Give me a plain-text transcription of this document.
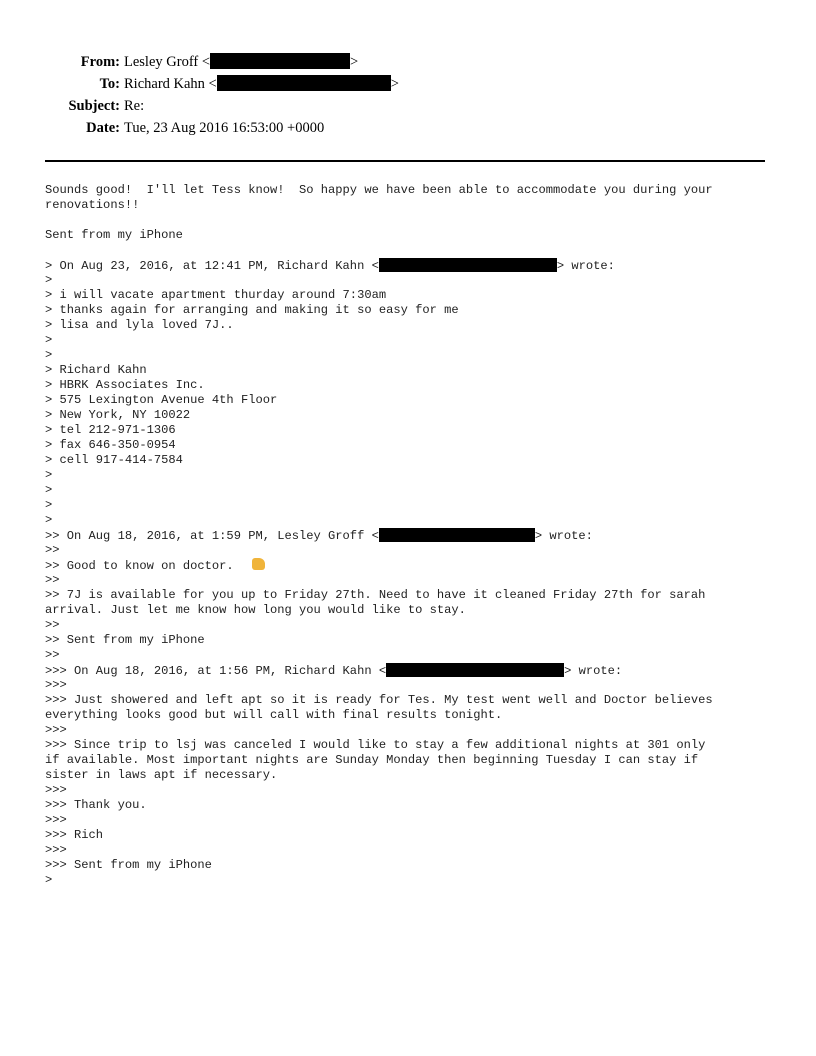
From: Lesley Groff <	>
To: Richard Kahn <	>
Subject: Re:
Date: Tue, 23 Aug 2016 16:53:00 +0000
Sounds good!  I'll let Tess know!  So happy we have been able to accommodate you during your
renovations!!
Sent from my iPhone
> On Aug 23, 2016, at 12:41 PM, Richard Kahn <	> wrote:
>
> i will vacate apartment thurday around 7:30am
> thanks again for arranging and making it so easy for me
> lisa and lyla loved 7J..
>
>
> Richard Kahn
> HBRK Associates Inc.
> 575 Lexington Avenue 4th Floor
> New York, NY 10022
> tel 212-971-1306
> fax 646-350-0954
> cell 917-414-7584
>
>
>
>
>> On Aug 18, 2016, at 1:59 PM, Lesley Groff <	> wrote:
>>
>> Good to know on doctor.
>>
>> 7J is available for you up to Friday 27th. Need to have it cleaned Friday 27th for sarah
arrival. Just let me know how long you would like to stay.
>>
>> Sent from my iPhone
>>
>>> On Aug 18, 2016, at 1:56 PM, Richard Kahn <	> wrote:
>>>
>>> Just showered and left apt so it is ready for Tes. My test went well and Doctor believes
everything looks good but will call with final results tonight.
>>>
>>> Since trip to lsj was canceled I would like to stay a few additional nights at 301 only
if available. Most important nights are Sunday Monday then beginning Tuesday I can stay if
sister in laws apt if necessary.
>>>
>>> Thank you.
>>>
>>> Rich
>>>
>>> Sent from my iPhone
>
